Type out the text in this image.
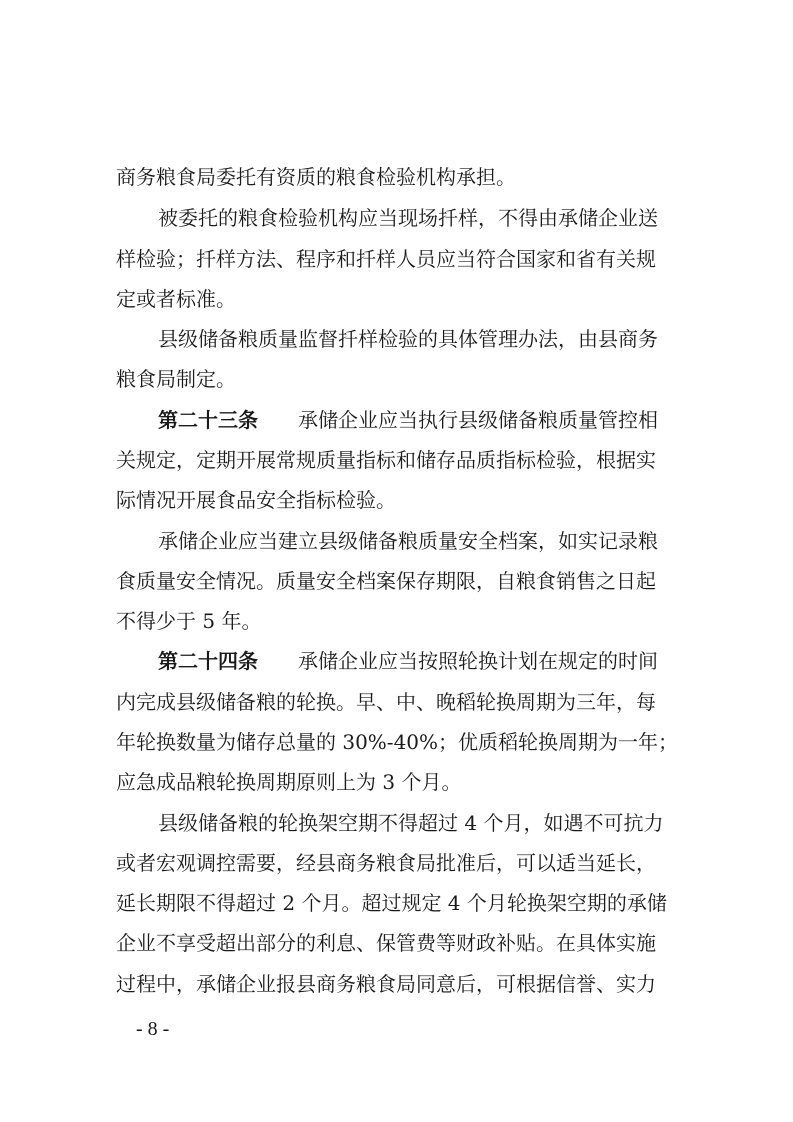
商务粮食局委托有资质的粮食检验机构承担。
被委托的粮食检验机构应当现场扦样，不得由承储企业送
样检验；扦样方法、程序和扦样人员应当符合国家和省有关规
定或者标准。
县级储备粮质量监督扦样检验的具体管理办法，由县商务
粮食局制定。
第二十三条 承储企业应当执行县级储备粮质量管控相
关规定，定期开展常规质量指标和储存品质指标检验，根据实
际情况开展食品安全指标检验。
承储企业应当建立县级储备粮质量安全档案，如实记录粮
食质量安全情况。质量安全档案保存期限，自粮食销售之日起
不得少于 5 年。
第二十四条 承储企业应当按照轮换计划在规定的时间
内完成县级储备粮的轮换。早、中、晚稻轮换周期为三年，每
年轮换数量为储存总量的 30%-40%；优质稻轮换周期为一年；
应急成品粮轮换周期原则上为 3 个月。
县级储备粮的轮换架空期不得超过 4 个月，如遇不可抗力
或者宏观调控需要，经县商务粮食局批准后，可以适当延长，
延长期限不得超过 2 个月。超过规定 4 个月轮换架空期的承储
企业不享受超出部分的利息、保管费等财政补贴。在具体实施
过程中，承储企业报县商务粮食局同意后，可根据信誉、实力
- 8 -
